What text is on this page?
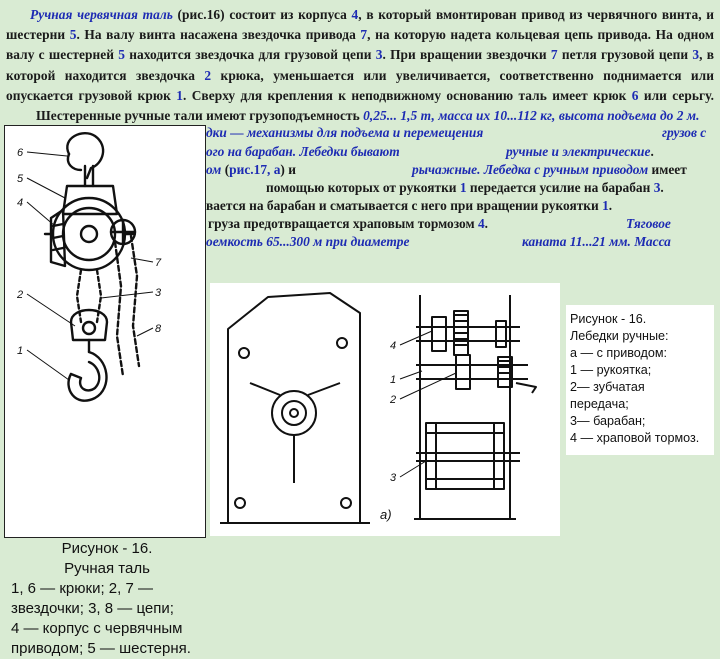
Ручная червячная таль (рис.16) состоит из корпуса 4, в который вмонтирован привод из червячного винта, и шестерни 5. На валу винта насажена звездочка привода 7, на которую надета кольцевая цепь привода. На одном валу с шестерней 5 находится звездочка для грузовой цепи 3. При вращении звездочки 7 петля грузовой цепи 3, в которой находится звездочка 2 крюка, уменьшается или увеличивается, соответственно поднимается или опускается грузовой крюк 1. Сверху для крепления к неподвижному основанию таль имеет крюк 6 или серьгу.Шестеренные ручные тали имеют грузоподъемность 0,25... 1,5 т, масса их 10...112 кг, высота подъема до 2 м.

дки — механизмы для подъема и перемещения	грузов с
ого на барабан. Лебедки бывают	ручные и электрические.
ом (рис.17, а) и	рычажные. Лебедка с ручным приводом имеет
помощью которых от рукоятки 1 передается усилие на барабан 3.
вается на барабан и сматывается с него при вращении рукоятки 1.
груза предотвращается храповым тормозом 4.	Тяговое
оемкость 65...300 м при диаметре	каната 11...21 мм. Масса
6
5
4
2
1
7
3
8
Рисунок - 16.
Ручная таль
1, 6 — крюки; 2, 7 —
звездочки; 3, 8 — цепи;
4 — корпус с червячным
приводом; 5 — шестерня.
4
1
2
3
а)
Рисунок - 16.
Лебедки ручные:
а — с приводом:
1 — рукоятка;
2— зубчатая
передача;
3— барабан;
4 — храповой тормоз.
